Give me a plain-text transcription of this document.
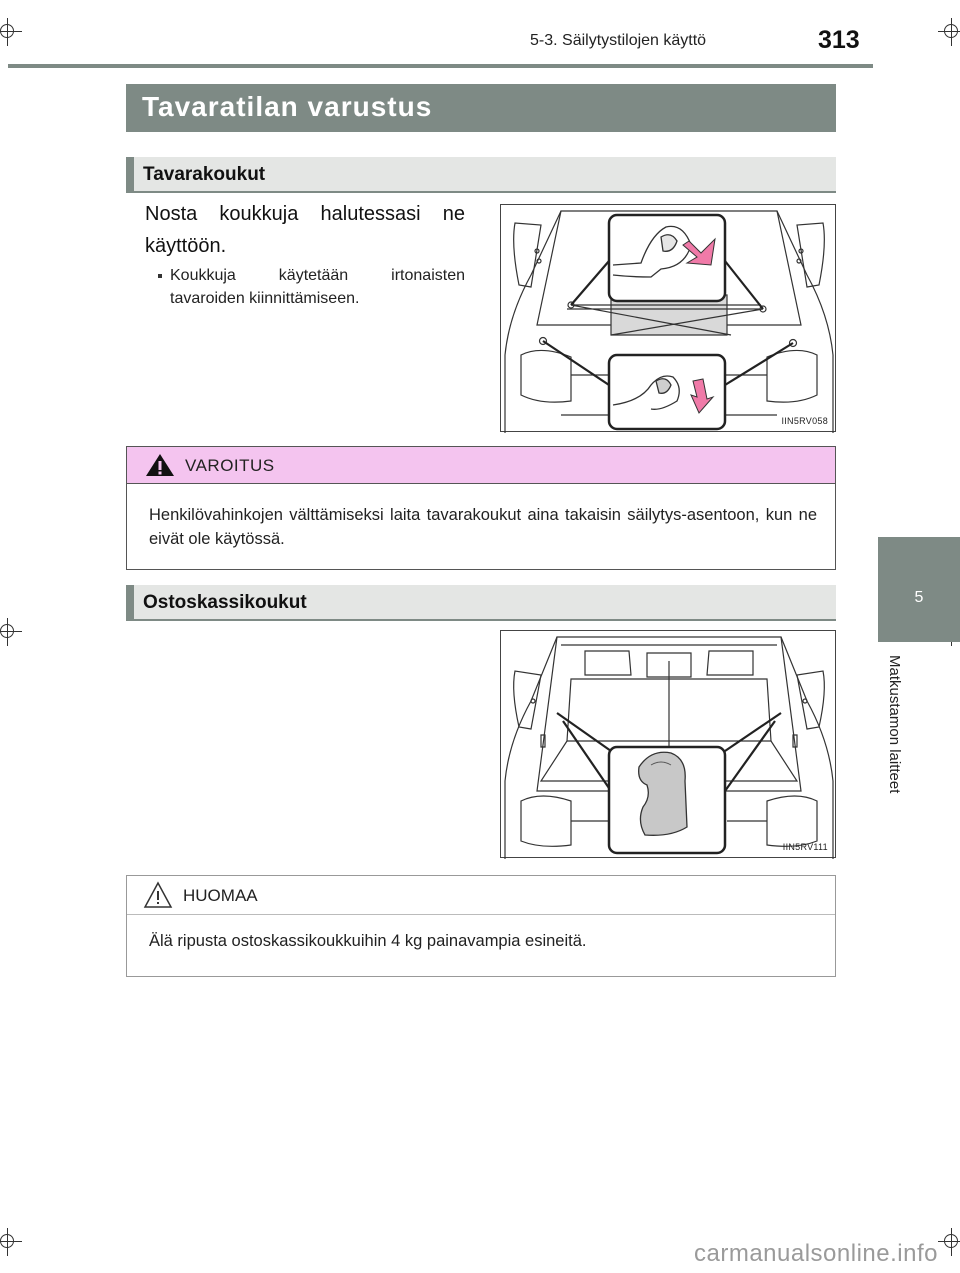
5-3. Säilytystilojen käyttö	313
5
Matkustamon laitteet
Tavaratilan varustus
Tavarakoukut
Nosta koukkuja halutessasi ne käyttöön.
Koukkuja käytetään irtonaisten tavaroiden kiinnittämiseen.
IIN5RV058
VAROITUS
Henkilövahinkojen välttämiseksi laita tavarakoukut aina takaisin säilytys-asentoon, kun ne eivät ole käytössä.
Ostoskassikoukut
IIN5RV111
HUOMAA
Älä ripusta ostoskassikoukkuihin 4 kg painavampia esineitä.
carmanualsonline.info
